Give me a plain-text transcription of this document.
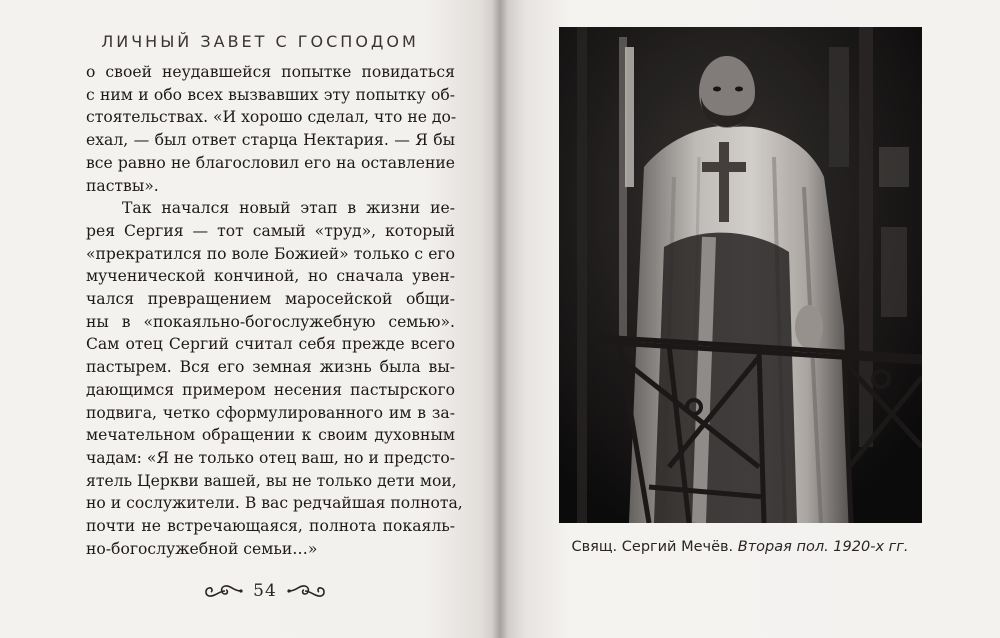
ЛИЧНЫЙ ЗАВЕТ С ГОСПОДОМ
о своей неудавшейся попытке повидаться
с ним и обо всех вызвавших эту попытку об-
стоятельствах. «И хорошо сделал, что не до-
ехал, — был ответ старца Нектария. — Я бы
все равно не благословил его на оставление
паствы».
Так начался новый этап в жизни ие-
рея Сергия — тот самый «труд», который
«прекратился по воле Божией» только с его
мученической кончиной, но сначала увен-
чался превращением маросейской общи-
ны в «покаяльно-богослужебную семью».
Сам отец Сергий считал себя прежде всего
пастырем. Вся его земная жизнь была вы-
дающимся примером несения пастырского
подвига, четко сформулированного им в за-
мечательном обращении к своим духовным
чадам: «Я не только отец ваш, но и предсто-
ятель Церкви вашей, вы не только дети мои,
но и сослужители. В вас редчайшая полнота,
почти не встречающаяся, полнота покаяль-
но-богослужебной семьи…»
54
Свящ. Сергий Мечёв. Вторая пол. 1920-х гг.
